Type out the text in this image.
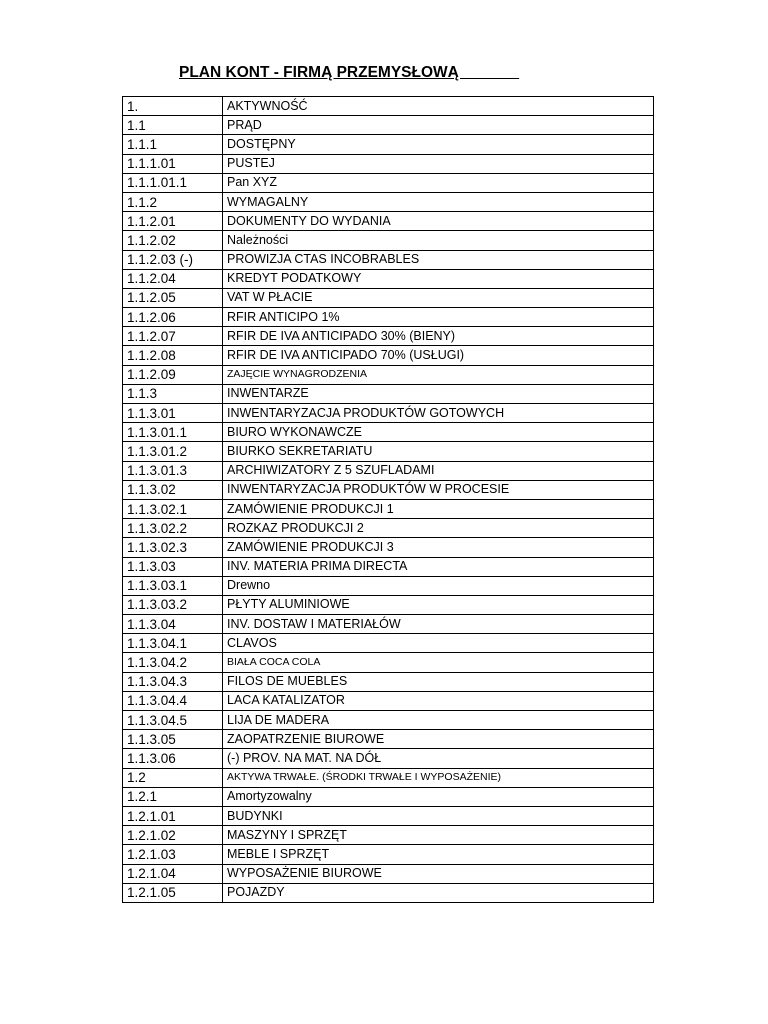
PLAN KONT - FIRMĄ PRZEMYSŁOWĄ
1.	AKTYWNOŚĆ
1.1	PRĄD
1.1.1	DOSTĘPNY
1.1.1.01	PUSTEJ
1.1.1.01.1	Pan XYZ
1.1.2	WYMAGALNY
1.1.2.01	DOKUMENTY DO WYDANIA
1.1.2.02	Należności
1.1.2.03 (-)	PROWIZJA CTAS INCOBRABLES
1.1.2.04	KREDYT PODATKOWY
1.1.2.05	VAT W PŁACIE
1.1.2.06	RFIR ANTICIPO 1%
1.1.2.07	RFIR DE IVA ANTICIPADO 30% (BIENY)
1.1.2.08	RFIR DE IVA ANTICIPADO 70% (USŁUGI)
1.1.2.09	ZAJĘCIE WYNAGRODZENIA
1.1.3	INWENTARZE
1.1.3.01	INWENTARYZACJA PRODUKTÓW GOTOWYCH
1.1.3.01.1	BIURO WYKONAWCZE
1.1.3.01.2	BIURKO SEKRETARIATU
1.1.3.01.3	ARCHIWIZATORY Z 5 SZUFLADAMI
1.1.3.02	INWENTARYZACJA PRODUKTÓW W PROCESIE
1.1.3.02.1	ZAMÓWIENIE PRODUKCJI 1
1.1.3.02.2	ROZKAZ PRODUKCJI 2
1.1.3.02.3	ZAMÓWIENIE PRODUKCJI 3
1.1.3.03	INV. MATERIA PRIMA DIRECTA
1.1.3.03.1	Drewno
1.1.3.03.2	PŁYTY ALUMINIOWE
1.1.3.04	INV. DOSTAW I MATERIAŁÓW
1.1.3.04.1	CLAVOS
1.1.3.04.2	BIAŁA COCA COLA
1.1.3.04.3	FILOS DE MUEBLES
1.1.3.04.4	LACA KATALIZATOR
1.1.3.04.5	LIJA DE MADERA
1.1.3.05	ZAOPATRZENIE BIUROWE
1.1.3.06	(-) PROV. NA MAT. NA DÓŁ
1.2	AKTYWA TRWAŁE. (ŚRODKI TRWAŁE I WYPOSAŻENIE)
1.2.1	Amortyzowalny
1.2.1.01	BUDYNKI
1.2.1.02	MASZYNY I SPRZĘT
1.2.1.03	MEBLE I SPRZĘT
1.2.1.04	WYPOSAŻENIE BIUROWE
1.2.1.05	POJAZDY
